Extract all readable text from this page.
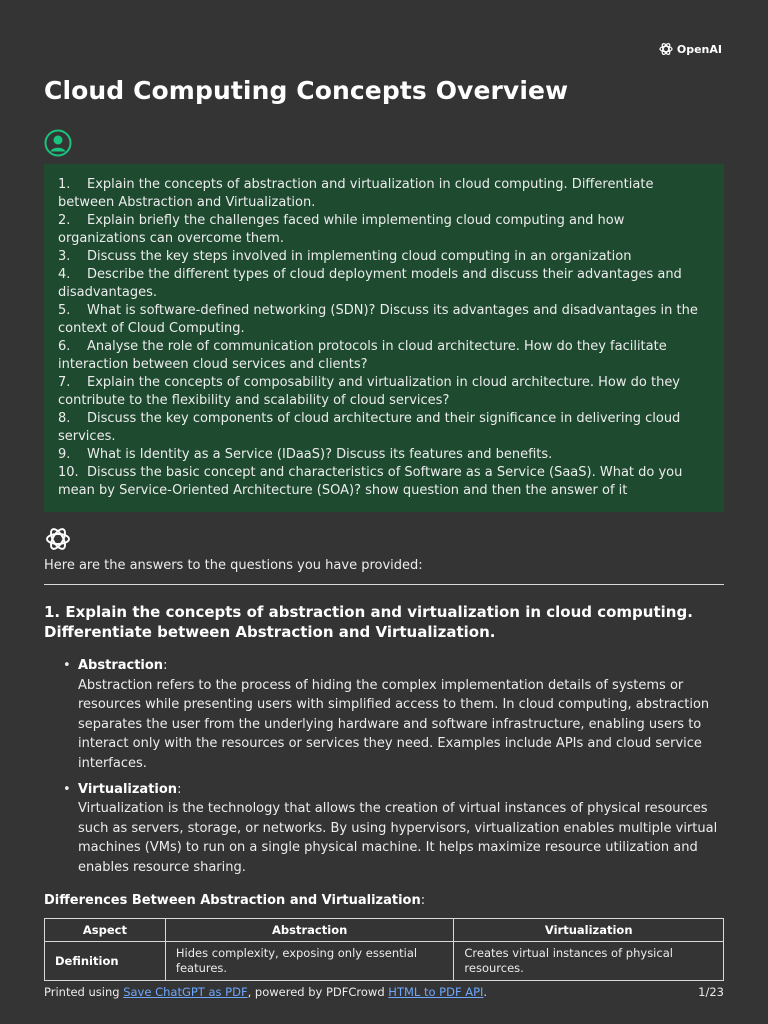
OpenAI
Cloud Computing Concepts Overview

1. Explain the concepts of abstraction and virtualization in cloud computing. Differentiate between Abstraction and Virtualization.

2. Explain briefly the challenges faced while implementing cloud computing and how organizations can overcome them.

3. Discuss the key steps involved in implementing cloud computing in an organization

4. Describe the different types of cloud deployment models and discuss their advantages and disadvantages.

5. What is software-defined networking (SDN)? Discuss its advantages and disadvantages in the context of Cloud Computing.

6. Analyse the role of communication protocols in cloud architecture. How do they facilitate interaction between cloud services and clients?

7. Explain the concepts of composability and virtualization in cloud architecture. How do they contribute to the flexibility and scalability of cloud services?

8. Discuss the key components of cloud architecture and their significance in delivering cloud services.

9. What is Identity as a Service (IDaaS)? Discuss its features and benefits.

10. Discuss the basic concept and characteristics of Software as a Service (SaaS). What do you mean by Service-Oriented Architecture (SOA)? show question and then the answer of it

Here are the answers to the questions you have provided:
1. Explain the concepts of abstraction and virtualization in cloud computing. Differentiate between Abstraction and Virtualization.
• Abstraction:
Abstraction refers to the process of hiding the complex implementation details of systems or resources while presenting users with simplified access to them. In cloud computing, abstraction separates the user from the underlying hardware and software infrastructure, enabling users to interact only with the resources or services they need. Examples include APIs and cloud service interfaces.
• Virtualization:
Virtualization is the technology that allows the creation of virtual instances of physical resources such as servers, storage, or networks. By using hypervisors, virtualization enables multiple virtual machines (VMs) to run on a single physical machine. It helps maximize resource utilization and enables resource sharing.
Differences Between Abstraction and Virtualization:
Aspect	Abstraction	Virtualization
Definition	Hides complexity, exposing only essential features.	Creates virtual instances of physical resources.
Printed using Save ChatGPT as PDF, powered by PDFCrowd HTML to PDF API.	1/23
